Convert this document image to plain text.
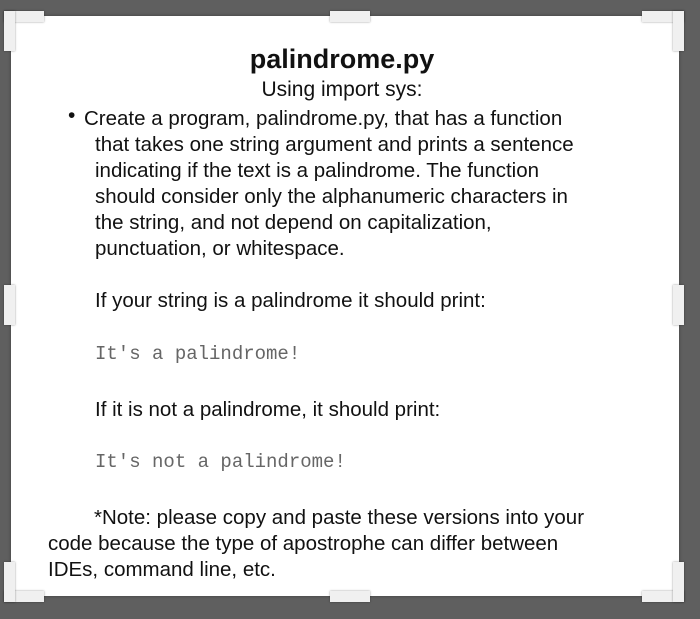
palindrome.py
Using import sys:
• Create a program, palindrome.py, that has a function
that takes one string argument and prints a sentence
indicating if the text is a palindrome. The function
should consider only the alphanumeric characters in
the string, and not depend on capitalization,
punctuation, or whitespace.
If your string is a palindrome it should print:
It's a palindrome!
If it is not a palindrome, it should print:
It's not a palindrome!
*Note: please copy and paste these versions into your
code because the type of apostrophe can differ between
IDEs, command line, etc.
